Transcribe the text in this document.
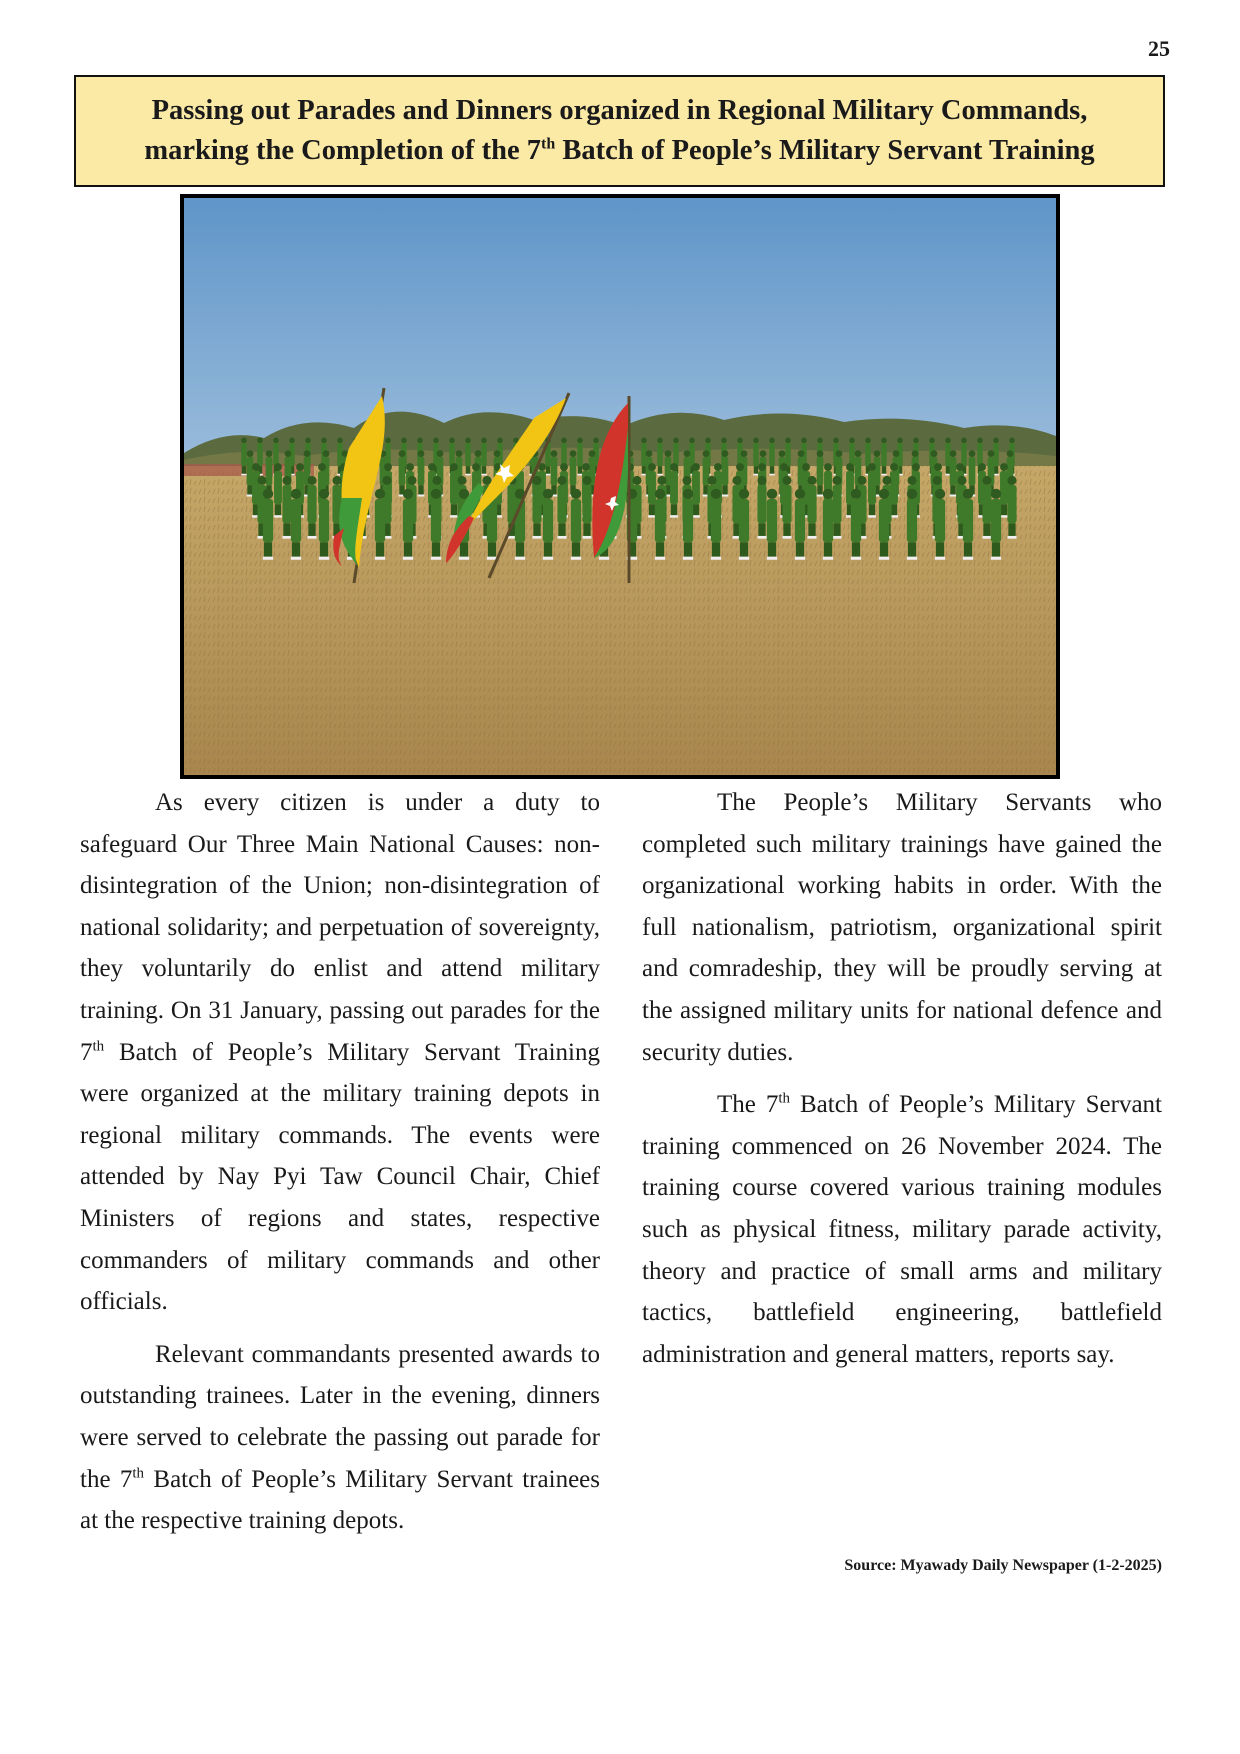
25
Passing out Parades and Dinners organized in Regional Military Commands,
marking the Completion of the 7th Batch of People’s Military Servant Training

As every citizen is under a duty to safeguard Our Three Main National Causes: non-disintegration of the Union; non-disintegration of national solidarity; and perpetuation of sovereignty, they voluntarily do enlist and attend military training. On 31 January, passing out parades for the 7th Batch of People’s Military Servant Training were organized at the military training depots in regional military commands. The events were attended by Nay Pyi Taw Council Chair, Chief Ministers of regions and states, respective commanders of military commands and other officials.

Relevant commandants presented awards to outstanding trainees. Later in the evening, dinners were served to celebrate the passing out parade for the 7th Batch of People’s Military Servant trainees at the respective training depots.

The People’s Military Servants who completed such military trainings have gained the organizational working habits in order. With the full nationalism, patriotism, organizational spirit and comradeship, they will be proudly serving at the assigned military units for national defence and security duties.

The 7th Batch of People’s Military Servant training commenced on 26 November 2024. The training course covered various training modules such as physical fitness, military parade activity, theory and practice of small arms and military tactics, battlefield engineering, battlefield administration and general matters, reports say.

Source: Myawady Daily Newspaper (1-2-2025)
